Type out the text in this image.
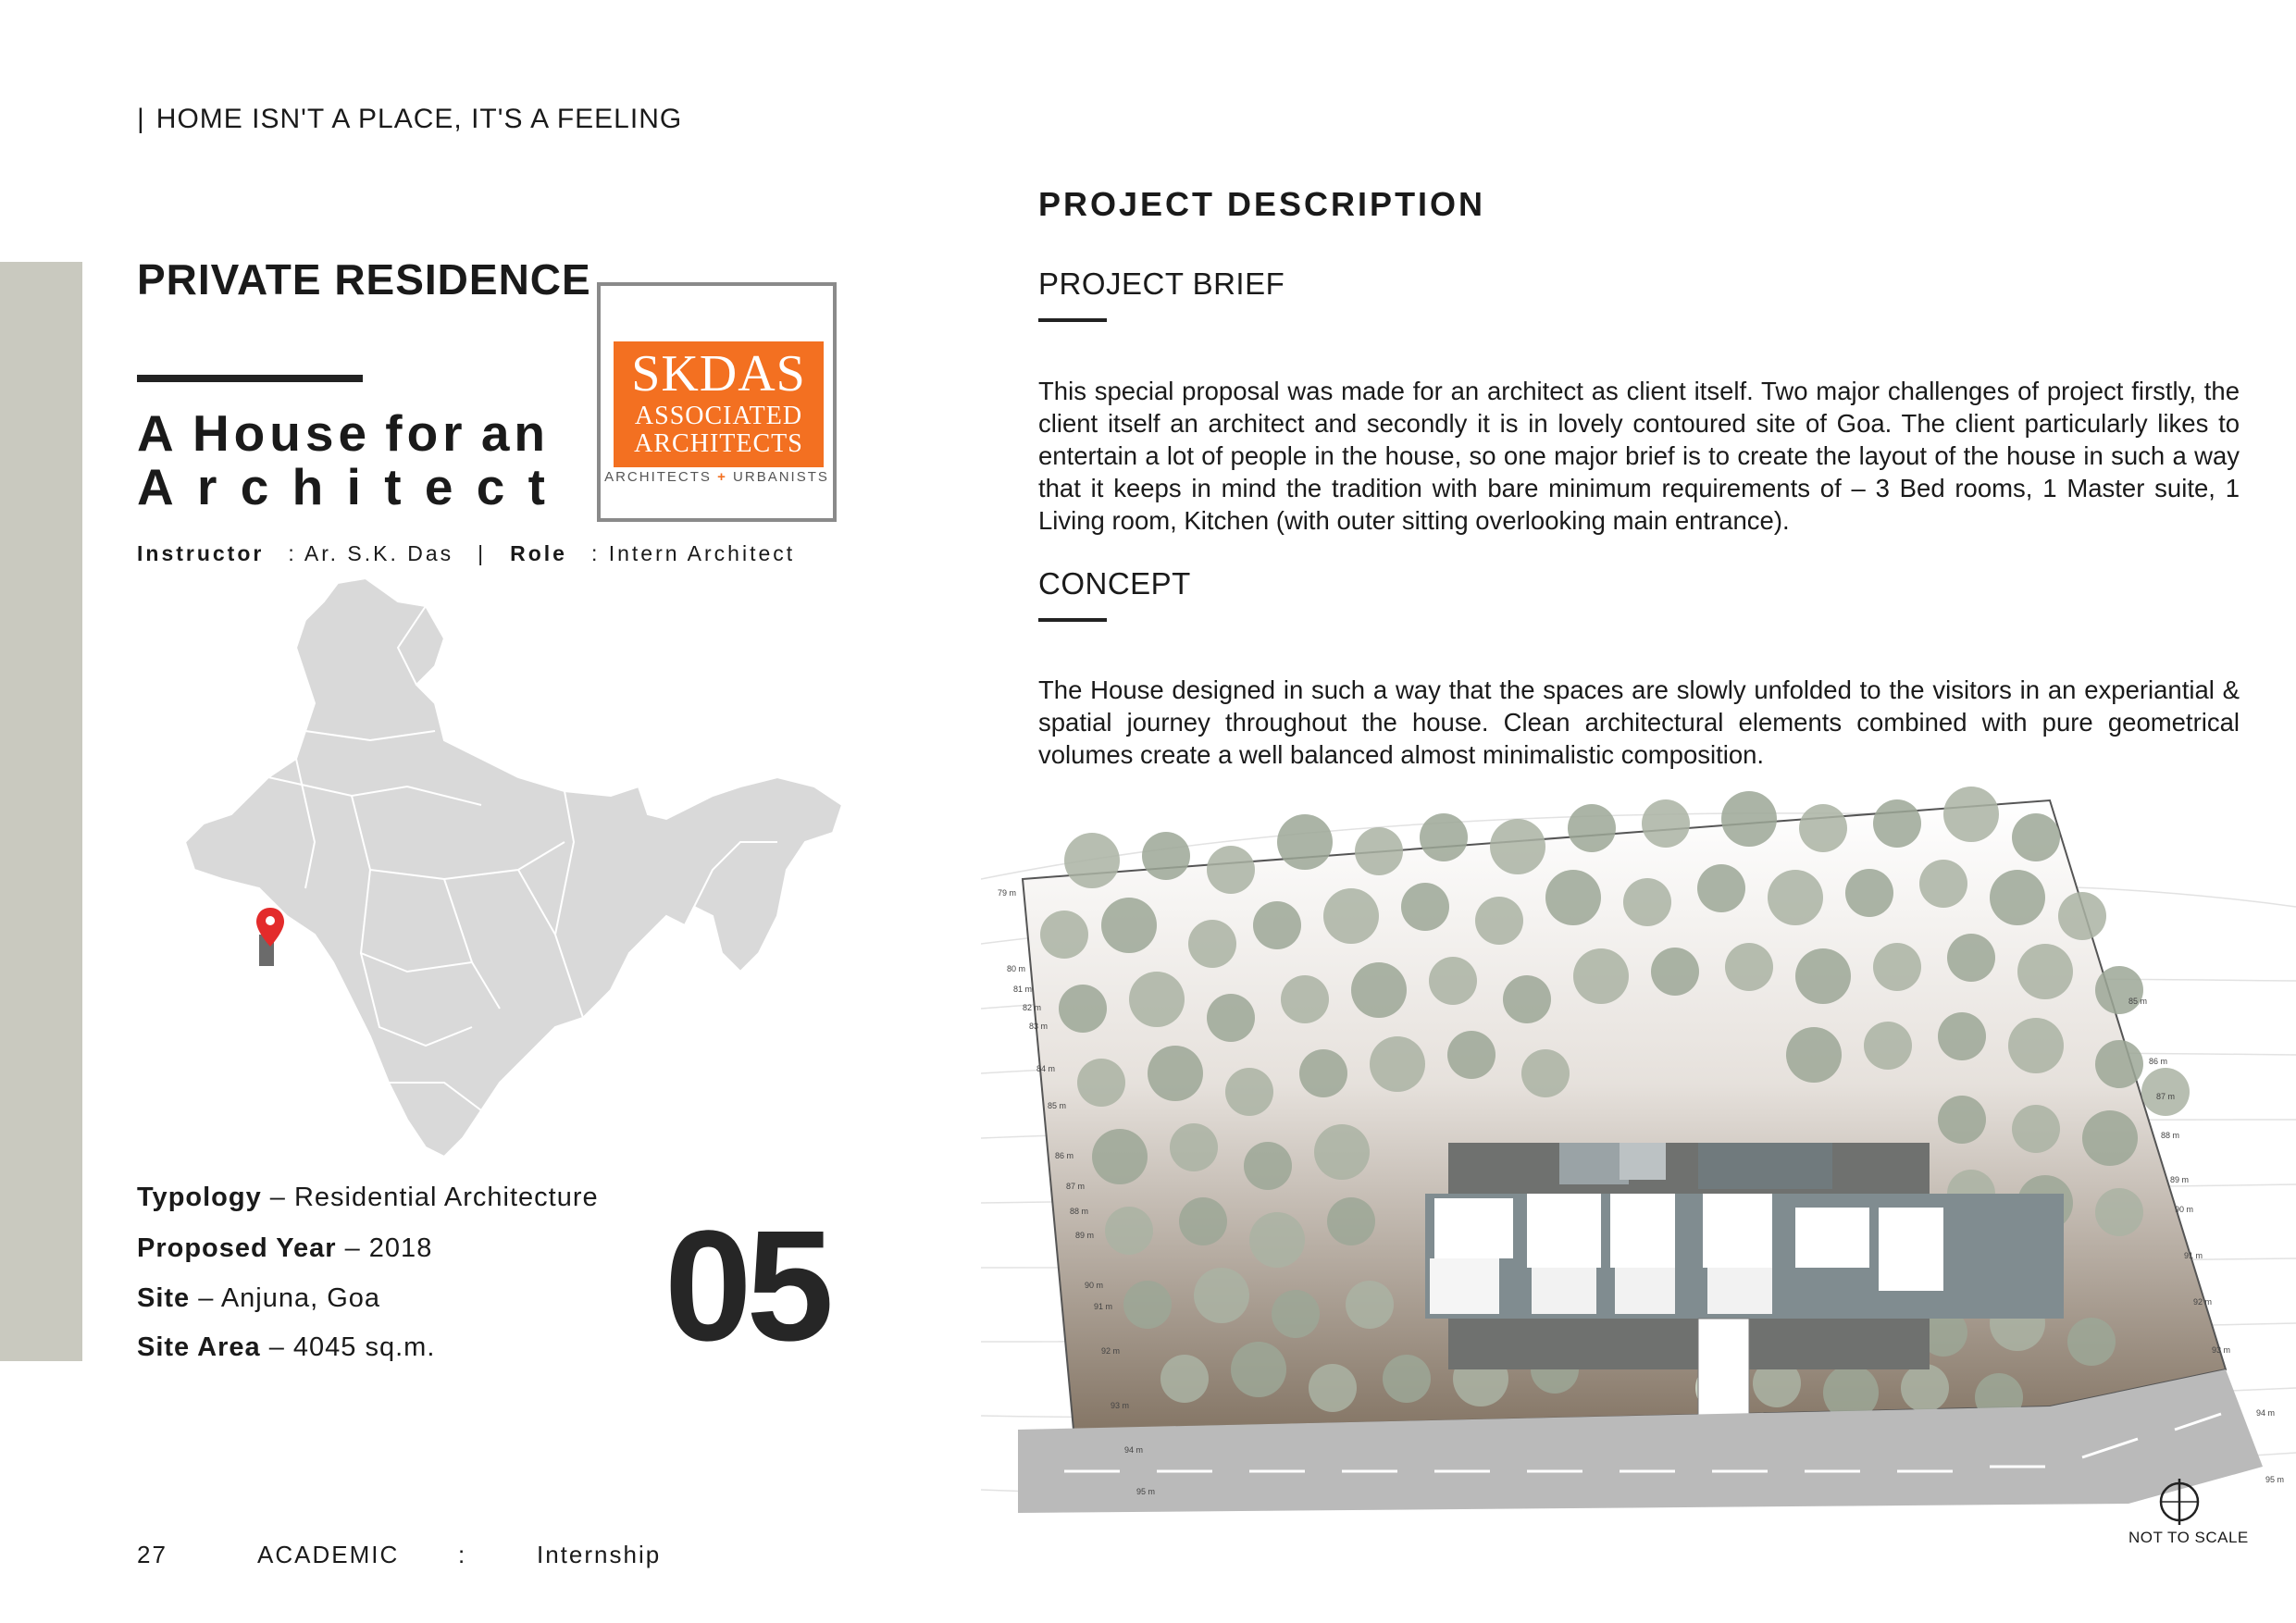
| HOME ISN'T A PLACE, IT'S A FEELING
PRIVATE RESIDENCE
A House for an
A r c h i t e c t
Instructor : Ar. S.K. Das | Role : Intern Architect
SKDAS
ASSOCIATED
ARCHITECTS
ARCHITECTS + URBANISTS
Typology – Residential Architecture
Proposed Year – 2018
Site – Anjuna, Goa
Site Area – 4045 sq.m. 05
27	ACADEMIC :	Internship
PROJECT DESCRIPTION
PROJECT BRIEF
This special proposal was made for an architect as client itself. Two major challenges of project firstly, the client itself an architect and secondly it is in lovely contoured site of Goa. The client particularly likes to entertain a lot of people in the house, so one major brief is to create the layout of the house in such a way that it keeps in mind the tradition with bare minimum requirements of – 3 Bed rooms, 1 Master suite, 1 Living room, Kitchen (with outer sitting overlooking main entrance).
CONCEPT
The House designed in such a way that the spaces are slowly unfolded to the visitors in an experiantial & spatial journey throughout the house. Clean architectural elements combined with pure geometrical volumes create a well balanced almost minimalistic composition.
79 m
80 m
81 m
82 m
83 m
84 m
85 m
86 m
87 m
88 m
89 m
90 m
91 m
92 m
93 m
94 m
95 m
85 m
86 m
87 m
88 m
89 m
90 m
91 m
92 m
93 m
94 m
95 m
NOT TO SCALE
